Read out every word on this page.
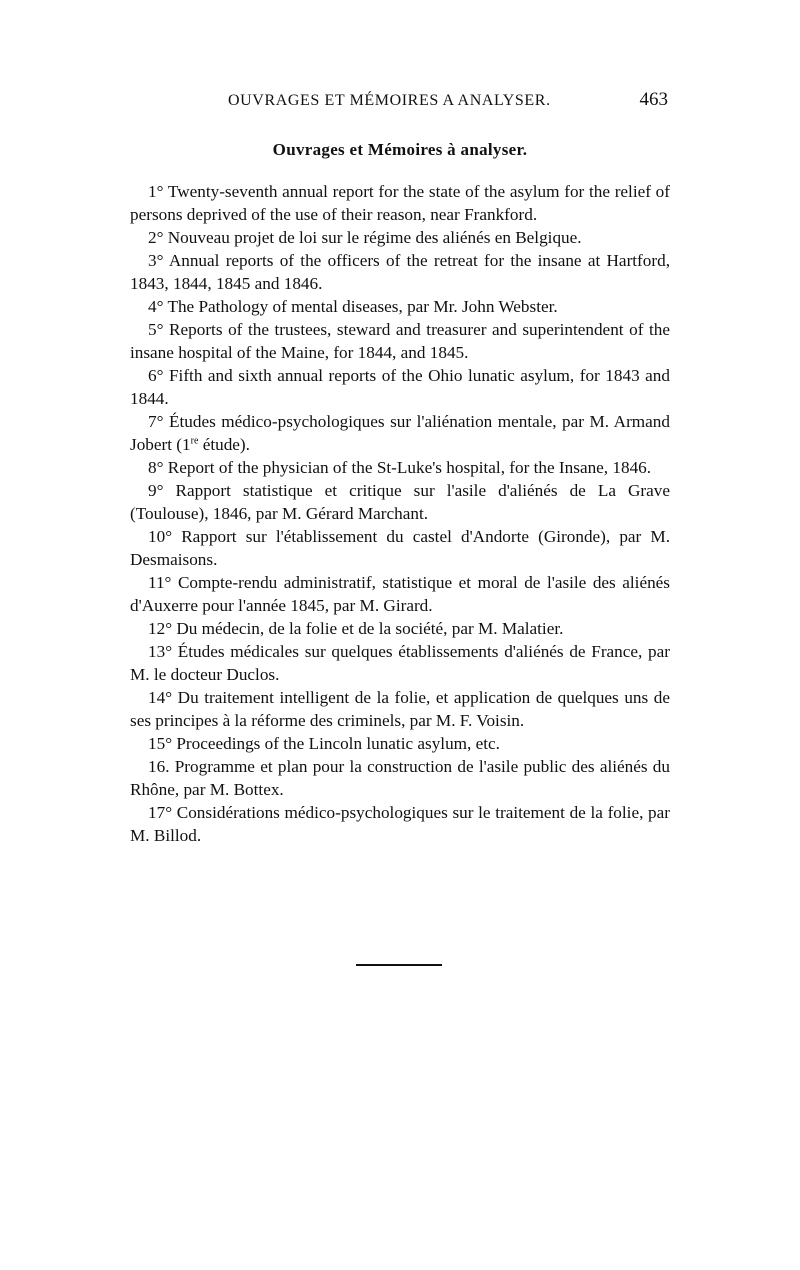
OUVRAGES ET MÉMOIRES A ANALYSER.	463
Ouvrages et Mémoires à analyser.

1° Twenty-seventh annual report for the state of the asylum for the relief of persons deprived of the use of their reason, near Frankford.

2° Nouveau projet de loi sur le régime des aliénés en Belgique.

3° Annual reports of the officers of the retreat for the insane at Hartford, 1843, 1844, 1845 and 1846.

4° The Pathology of mental diseases, par Mr. John Webster.

5° Reports of the trustees, steward and treasurer and superintendent of the insane hospital of the Maine, for 1844, and 1845.

6° Fifth and sixth annual reports of the Ohio lunatic asylum, for 1843 and 1844.

7° Études médico-psychologiques sur l'aliénation mentale, par M. Armand Jobert (1re étude).

8° Report of the physician of the St-Luke's hospital, for the Insane, 1846.

9° Rapport statistique et critique sur l'asile d'aliénés de La Grave (Toulouse), 1846, par M. Gérard Marchant.

10° Rapport sur l'établissement du castel d'Andorte (Gironde), par M. Desmaisons.

11° Compte-rendu administratif, statistique et moral de l'asile des aliénés d'Auxerre pour l'année 1845, par M. Girard.

12° Du médecin, de la folie et de la société, par M. Malatier.

13° Études médicales sur quelques établissements d'aliénés de France, par M. le docteur Duclos.

14° Du traitement intelligent de la folie, et application de quelques uns de ses principes à la réforme des criminels, par M. F. Voisin.

15° Proceedings of the Lincoln lunatic asylum, etc.

16. Programme et plan pour la construction de l'asile public des aliénés du Rhône, par M. Bottex.

17° Considérations médico-psychologiques sur le traitement de la folie, par M. Billod.
